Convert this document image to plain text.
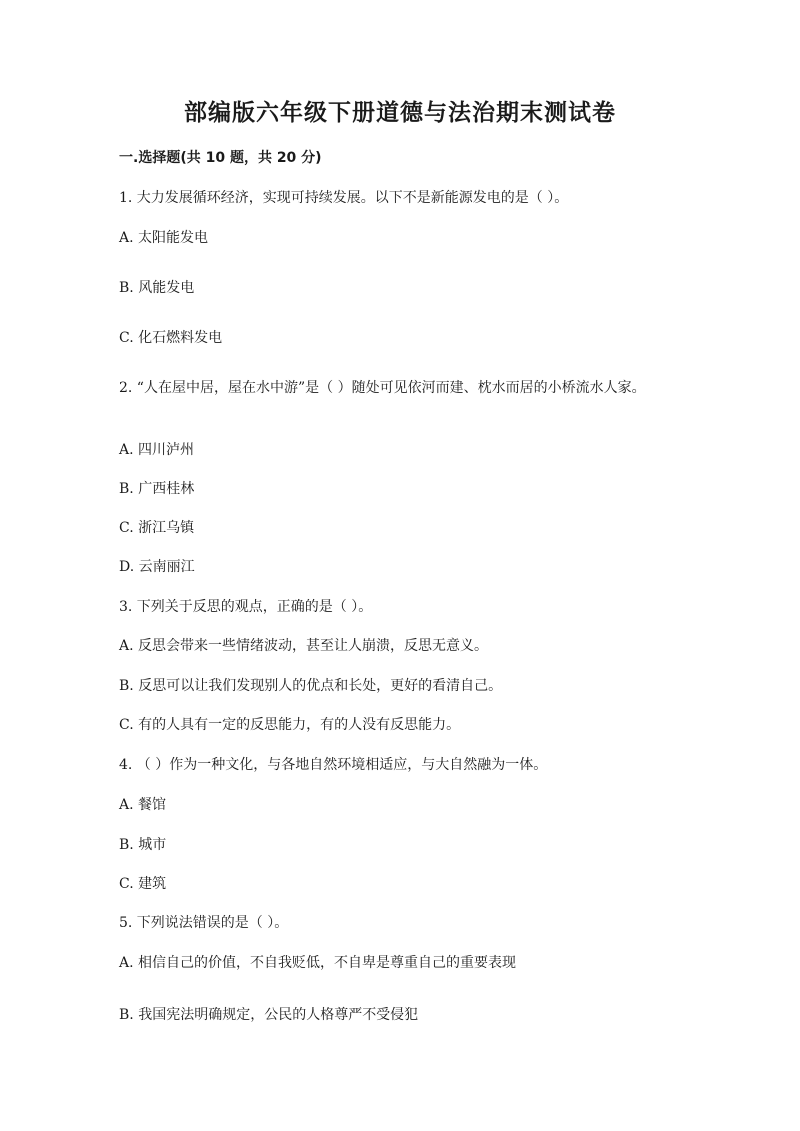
部编版六年级下册道德与法治期末测试卷
一.选择题(共 10 题，共 20 分)
1. 大力发展循环经济，实现可持续发展。以下不是新能源发电的是（ ）。
A. 太阳能发电
B. 风能发电
C. 化石燃料发电
2. “人在屋中居，屋在水中游”是（ ）随处可见依河而建、枕水而居的小桥流水人家。
A. 四川泸州
B. 广西桂林
C. 浙江乌镇
D. 云南丽江
3. 下列关于反思的观点，正确的是（ ）。
A. 反思会带来一些情绪波动，甚至让人崩溃，反思无意义。
B. 反思可以让我们发现别人的优点和长处，更好的看清自己。
C. 有的人具有一定的反思能力，有的人没有反思能力。
4. （ ）作为一种文化，与各地自然环境相适应，与大自然融为一体。
A. 餐馆
B. 城市
C. 建筑
5. 下列说法错误的是（ ）。
A. 相信自己的价值，不自我贬低，不自卑是尊重自己的重要表现
B. 我国宪法明确规定，公民的人格尊严不受侵犯
